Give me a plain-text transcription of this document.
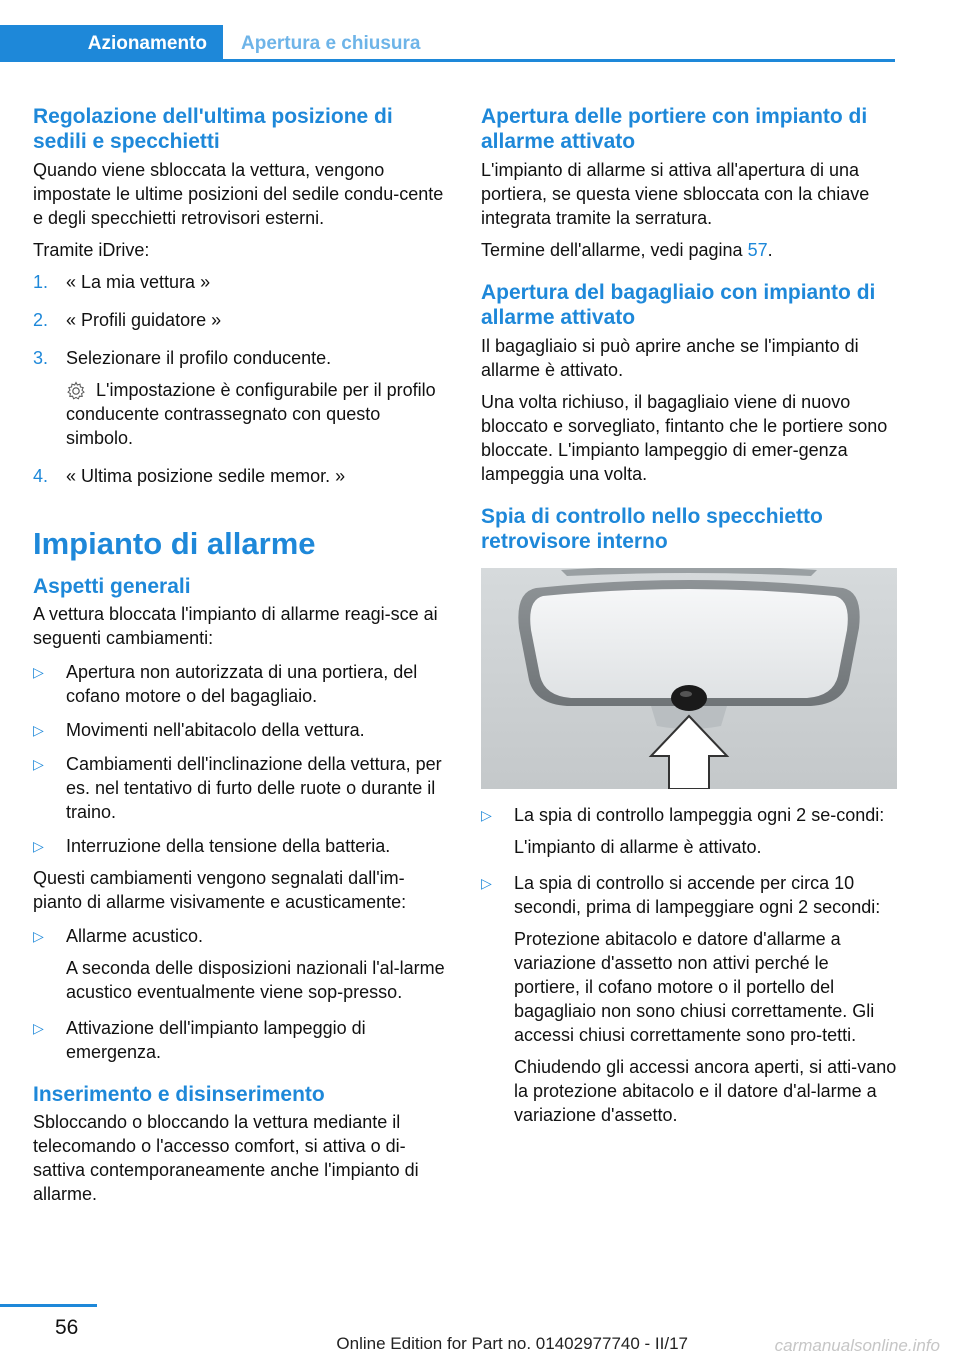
Azionamento Apertura e chiusura
Regolazione dell'ultima posizione di sedili e specchietti
Quando viene sbloccata la vettura, vengono impostate le ultime posizioni del sedile condu-cente e degli specchietti retrovisori esterni.
Tramite iDrive:
1. « La mia vettura »
2. « Profili guidatore »
3. Selezionare il profilo conducente.
L'impostazione è configurabile per il profilo conducente contrassegnato con questo simbolo.
4. « Ultima posizione sedile memor. »
Impianto di allarme
Aspetti generali
A vettura bloccata l'impianto di allarme reagi-sce ai seguenti cambiamenti:
▷ Apertura non autorizzata di una portiera, del cofano motore o del bagagliaio.
▷ Movimenti nell'abitacolo della vettura.
▷ Cambiamenti dell'inclinazione della vettura, per es. nel tentativo di furto delle ruote o durante il traino.
▷ Interruzione della tensione della batteria.
Questi cambiamenti vengono segnalati dall'im-pianto di allarme visivamente e acusticamente:
▷ Allarme acustico.
A seconda delle disposizioni nazionali l'al-larme acustico eventualmente viene sop-presso.
▷ Attivazione dell'impianto lampeggio di emergenza.
Inserimento e disinserimento
Sbloccando o bloccando la vettura mediante il telecomando o l'accesso comfort, si attiva o di-sattiva contemporaneamente anche l'impianto di allarme.
Apertura delle portiere con impianto di allarme attivato
L'impianto di allarme si attiva all'apertura di una portiera, se questa viene sbloccata con la chiave integrata tramite la serratura.
Termine dell'allarme, vedi pagina 57.
Apertura del bagagliaio con impianto di allarme attivato
Il bagagliaio si può aprire anche se l'impianto di allarme è attivato.
Una volta richiuso, il bagagliaio viene di nuovo bloccato e sorvegliato, fintanto che le portiere sono bloccate. L'impianto lampeggio di emer-genza lampeggia una volta.
Spia di controllo nello specchietto retrovisore interno
▷ La spia di controllo lampeggia ogni 2 se-condi:
L'impianto di allarme è attivato.
▷ La spia di controllo si accende per circa 10 secondi, prima di lampeggiare ogni 2 secondi:
Protezione abitacolo e datore d'allarme a variazione d'assetto non attivi perché le portiere, il cofano motore o il portello del bagagliaio non sono chiusi correttamente. Gli accessi chiusi correttamente sono pro-tetti.
Chiudendo gli accessi ancora aperti, si atti-vano la protezione abitacolo e il datore d'al-larme a variazione d'assetto.
56
Online Edition for Part no. 01402977740 - II/17	carmanualsonline.info
